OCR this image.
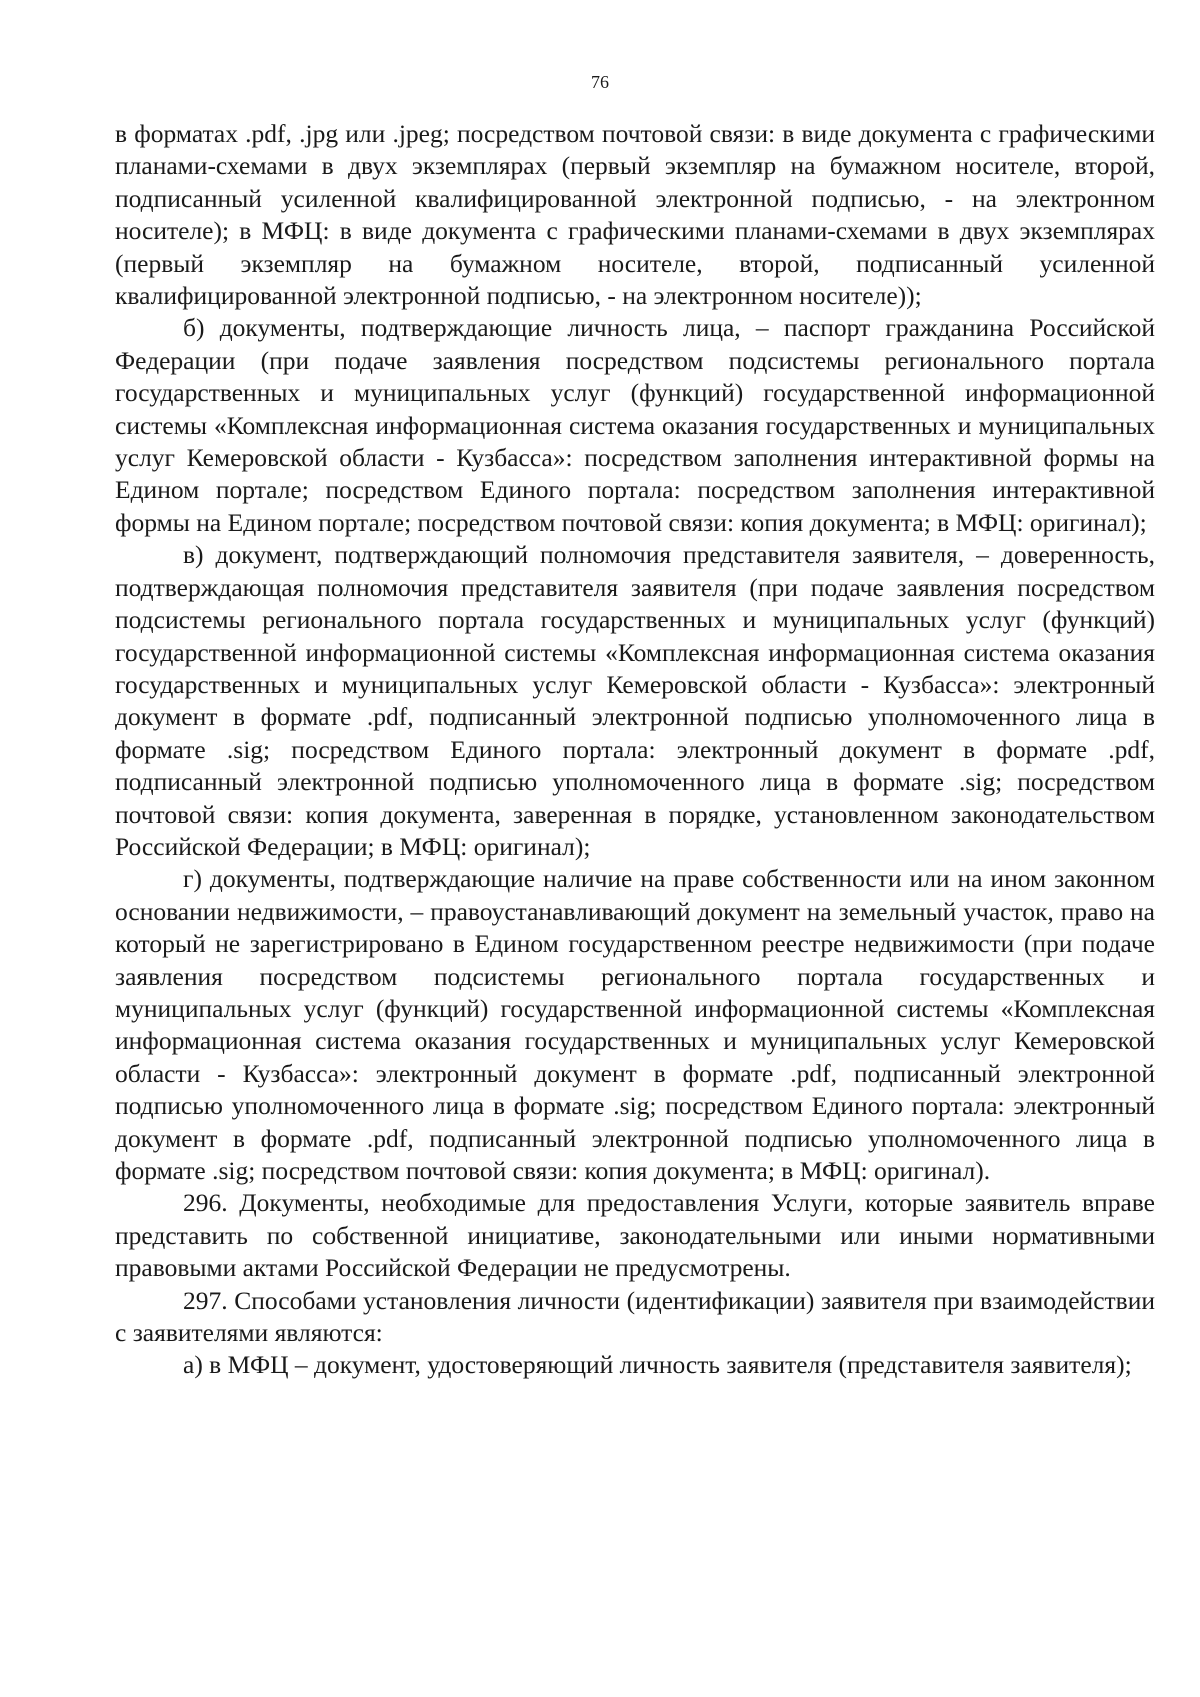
76

в форматах .pdf, .jpg или .jpeg; посредством почтовой связи: в виде документа с графическими планами-схемами в двух экземплярах (первый экземпляр на бумажном носителе, второй, подписанный усиленной квалифицированной электронной подписью, - на электронном носителе); в МФЦ: в виде документа с графическими планами-схемами в двух экземплярах (первый экземпляр на бумажном носителе, второй, подписанный усиленной квалифицированной электронной подписью, - на электронном носителе));

б) документы, подтверждающие личность лица, – паспорт гражданина Российской Федерации (при подаче заявления посредством подсистемы регионального портала государственных и муниципальных услуг (функций) государственной информационной системы «Комплексная информационная система оказания государственных и муниципальных услуг Кемеровской области - Кузбасса»: посредством заполнения интерактивной формы на Едином портале; посредством Единого портала: посредством заполнения интерактивной формы на Едином портале; посредством почтовой связи: копия документа; в МФЦ: оригинал);

в) документ, подтверждающий полномочия представителя заявителя, – доверенность, подтверждающая полномочия представителя заявителя (при подаче заявления посредством подсистемы регионального портала государственных и муниципальных услуг (функций) государственной информационной системы «Комплексная информационная система оказания государственных и муниципальных услуг Кемеровской области - Кузбасса»: электронный документ в формате .pdf, подписанный электронной подписью уполномоченного лица в формате .sig; посредством Единого портала: электронный документ в формате .pdf, подписанный электронной подписью уполномоченного лица в формате .sig; посредством почтовой связи: копия документа, заверенная в порядке, установленном законодательством Российской Федерации; в МФЦ: оригинал);

г) документы, подтверждающие наличие на праве собственности или на ином законном основании недвижимости, – правоустанавливающий документ на земельный участок, право на который не зарегистрировано в Едином государственном реестре недвижимости (при подаче заявления посредством подсистемы регионального портала государственных и муниципальных услуг (функций) государственной информационной системы «Комплексная информационная система оказания государственных и муниципальных услуг Кемеровской области - Кузбасса»: электронный документ в формате .pdf, подписанный электронной подписью уполномоченного лица в формате .sig; посредством Единого портала: электронный документ в формате .pdf, подписанный электронной подписью уполномоченного лица в формате .sig; посредством почтовой связи: копия документа; в МФЦ: оригинал).

296. Документы, необходимые для предоставления Услуги, которые заявитель вправе представить по собственной инициативе, законодательными или иными нормативными правовыми актами Российской Федерации не предусмотрены.

297. Способами установления личности (идентификации) заявителя при взаимодействии с заявителями являются:

а) в МФЦ – документ, удостоверяющий личность заявителя (представителя заявителя);
